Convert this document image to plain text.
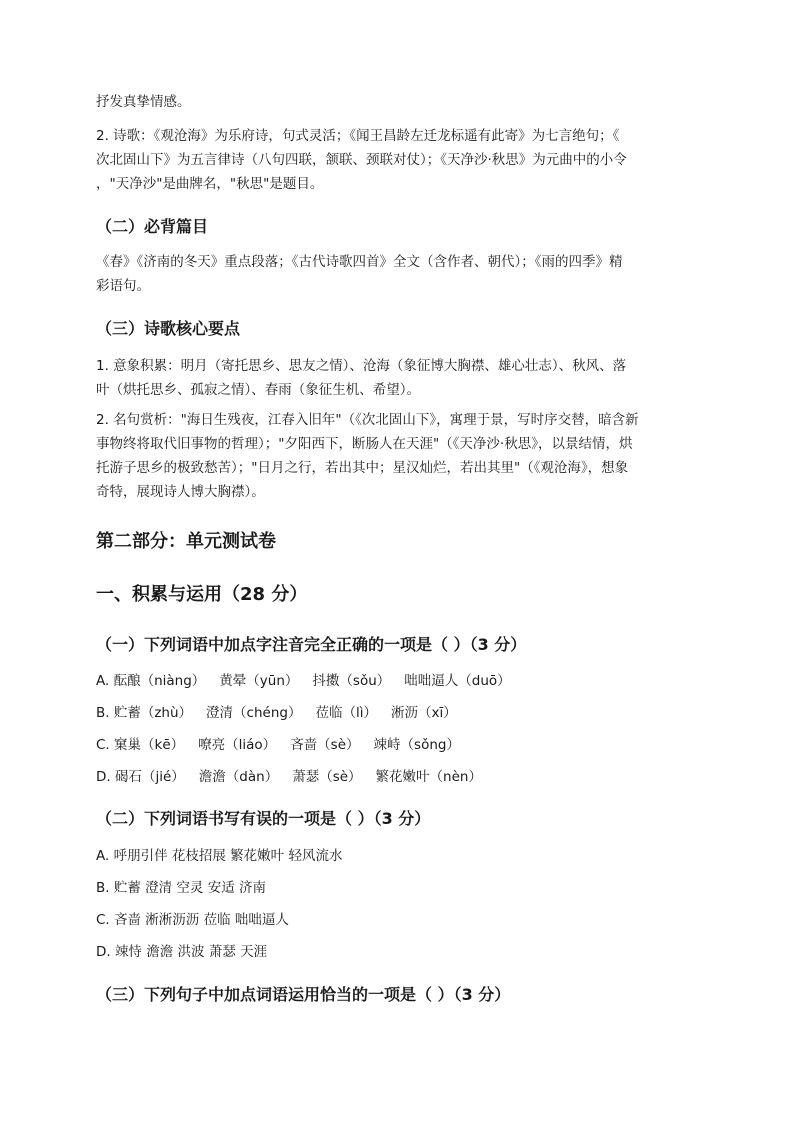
抒发真挚情感。
2. 诗歌：《观沧海》为乐府诗，句式灵活；《闻王昌龄左迁龙标遥有此寄》为七言绝句；《
次北固山下》为五言律诗（八句四联，颔联、颈联对仗）；《天净沙·秋思》为元曲中的小令
，"天净沙"是曲牌名，"秋思"是题目。
（二）必背篇目
《春》《济南的冬天》重点段落；《古代诗歌四首》全文（含作者、朝代）；《雨的四季》精
彩语句。
（三）诗歌核心要点
1. 意象积累：明月（寄托思乡、思友之情）、沧海（象征博大胸襟、雄心壮志）、秋风、落
叶（烘托思乡、孤寂之情）、春雨（象征生机、希望）。
2. 名句赏析："海日生残夜，江春入旧年"（《次北固山下》，寓理于景，写时序交替，暗含新
事物终将取代旧事物的哲理）；"夕阳西下，断肠人在天涯"（《天净沙·秋思》，以景结情，烘
托游子思乡的极致愁苦）；"日月之行，若出其中；星汉灿烂，若出其里"（《观沧海》，想象
奇特，展现诗人博大胸襟）。
第二部分：单元测试卷
一、积累与运用（28 分）
（一）下列词语中加点字注音完全正确的一项是（ ）（3 分）
A. 酝酿（niàng） 黄晕（yūn） 抖擞（sǒu） 咄咄逼人（duō）
B. 贮蓄（zhù） 澄清（chéng） 莅临（lì） 淅沥（xī）
C. 窠巢（kē） 嘹亮（liáo） 吝啬（sè） 竦峙（sǒng）
D. 碣石（jié） 澹澹（dàn） 萧瑟（sè） 繁花嫩叶（nèn）
（二）下列词语书写有误的一项是（ ）（3 分）
A. 呼朋引伴 花枝招展 繁花嫩叶 轻风流水
B. 贮蓄 澄清 空灵 安适 济南
C. 吝啬 淅淅沥沥 莅临 咄咄逼人
D. 竦恃 澹澹 洪波 萧瑟 天涯
（三）下列句子中加点词语运用恰当的一项是（ ）（3 分）
